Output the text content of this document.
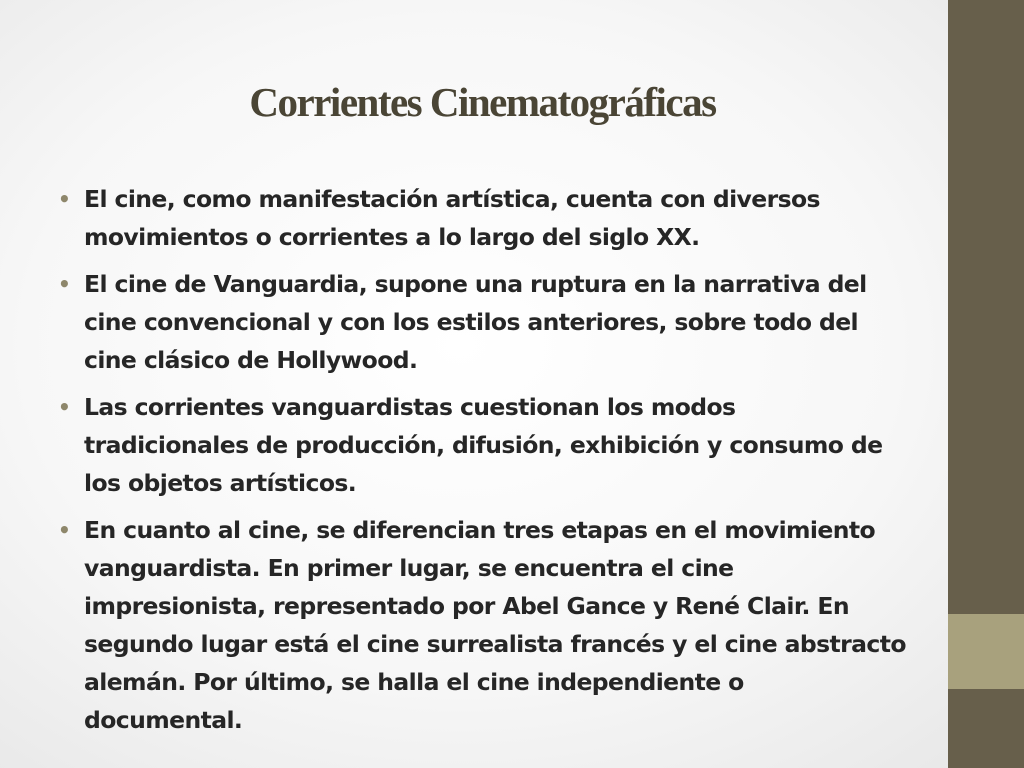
Corrientes Cinematográficas
• El cine, como manifestación artística, cuenta con diversos movimientos o corrientes a lo largo del siglo XX.
• El cine de Vanguardia, supone una ruptura en la narrativa del cine convencional y con los estilos anteriores, sobre todo del cine clásico de Hollywood.
• Las corrientes vanguardistas cuestionan los modos tradicionales de producción, difusión, exhibición y consumo de los objetos artísticos.
• En cuanto al cine, se diferencian tres etapas en el movimiento vanguardista. En primer lugar, se encuentra el cine impresionista, representado por Abel Gance y René Clair. En segundo lugar está el cine surrealista francés y el cine abstracto alemán. Por último, se halla el cine independiente o documental.
